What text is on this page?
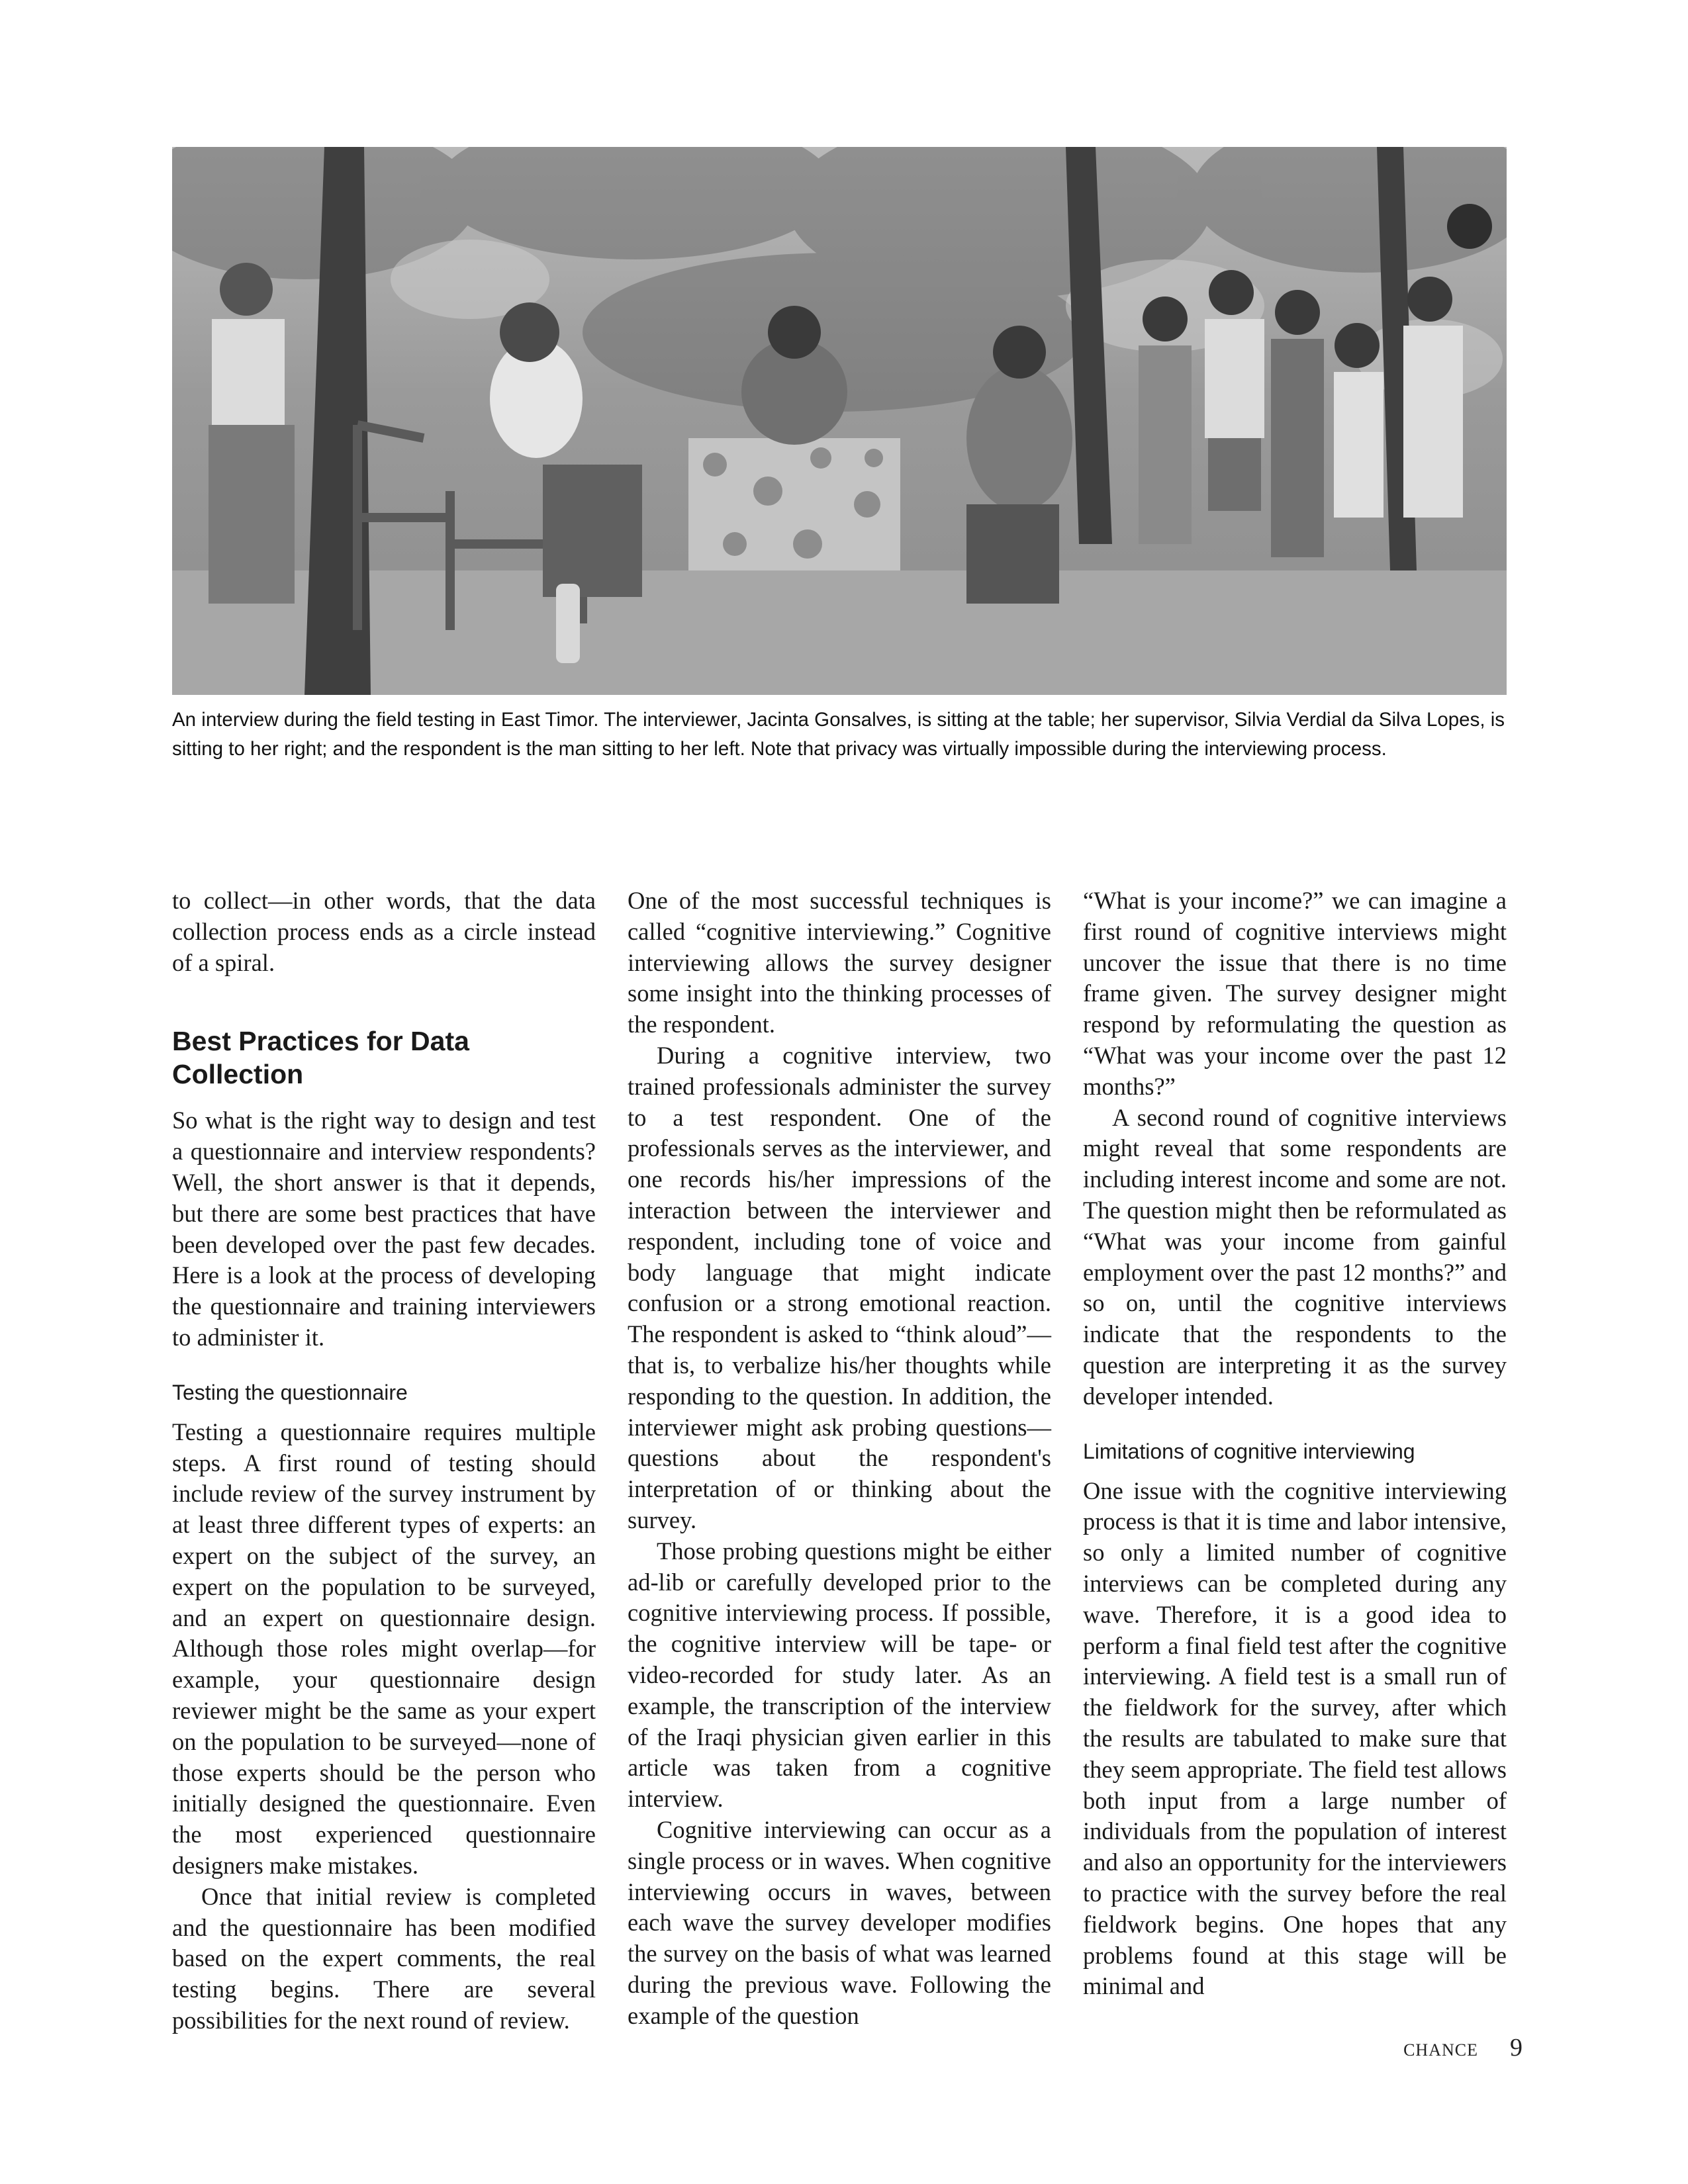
An interview during the field testing in East Timor. The interviewer, Jacinta Gonsalves, is sitting at the table; her supervisor, Silvia Verdial da Silva Lopes, is sitting to her right; and the respondent is the man sitting to her left. Note that privacy was virtually impossible during the interviewing process.

to collect—in other words, that the data collection process ends as a circle instead of a spiral.

Best Practices for Data Collection

So what is the right way to design and test a questionnaire and interview respondents? Well, the short answer is that it depends, but there are some best practices that have been developed over the past few decades. Here is a look at the process of developing the questionnaire and training interviewers to administer it.

Testing the questionnaire

Testing a questionnaire requires multiple steps. A first round of testing should include review of the survey instrument by at least three different types of experts: an expert on the subject of the survey, an expert on the population to be surveyed, and an expert on questionnaire design. Although those roles might overlap—for example, your questionnaire design reviewer might be the same as your expert on the population to be surveyed—none of those experts should be the person who initially designed the questionnaire. Even the most experienced questionnaire designers make mistakes.

Once that initial review is completed and the questionnaire has been modified based on the expert comments, the real testing begins. There are several possibilities for the next round of review.

One of the most successful techniques is called “cognitive interviewing.” Cognitive interviewing allows the survey designer some insight into the thinking processes of the respondent.

During a cognitive interview, two trained professionals administer the survey to a test respondent. One of the professionals serves as the interviewer, and one records his/her impressions of the interaction between the interviewer and respondent, including tone of voice and body language that might indicate confusion or a strong emotional reaction. The respondent is asked to “think aloud”—that is, to verbalize his/her thoughts while responding to the question. In addition, the interviewer might ask probing questions—questions about the respondent's interpretation of or thinking about the survey.

Those probing questions might be either ad-lib or carefully developed prior to the cognitive interviewing process. If possible, the cognitive interview will be tape- or video-recorded for study later. As an example, the transcription of the interview of the Iraqi physician given earlier in this article was taken from a cognitive interview.

Cognitive interviewing can occur as a single process or in waves. When cognitive interviewing occurs in waves, between each wave the survey developer modifies the survey on the basis of what was learned during the previous wave. Following the example of the question

“What is your income?” we can imagine a first round of cognitive interviews might uncover the issue that there is no time frame given. The survey designer might respond by reformulating the question as “What was your income over the past 12 months?”

A second round of cognitive interviews might reveal that some respondents are including interest income and some are not. The question might then be reformulated as “What was your income from gainful employment over the past 12 months?” and so on, until the cognitive interviews indicate that the respondents to the question are interpreting it as the survey developer intended.

Limitations of cognitive interviewing

One issue with the cognitive interviewing process is that it is time and labor intensive, so only a limited number of cognitive interviews can be completed during any wave. Therefore, it is a good idea to perform a final field test after the cognitive interviewing. A field test is a small run of the fieldwork for the survey, after which the results are tabulated to make sure that they seem appropriate. The field test allows both input from a large number of individuals from the population of interest and also an opportunity for the interviewers to practice with the survey before the real fieldwork begins. One hopes that any problems found at this stage will be minimal and

CHANCE 9
